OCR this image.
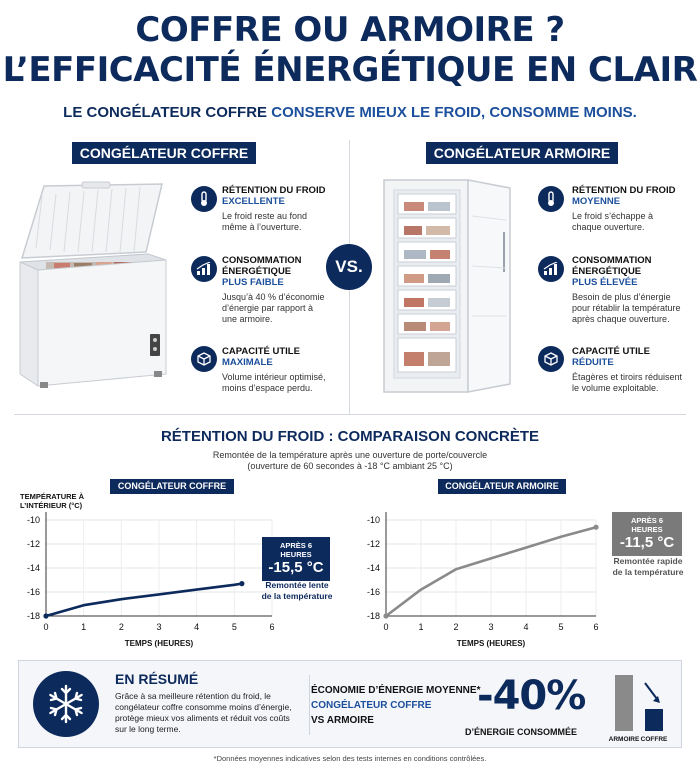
COFFRE OU ARMOIRE ?
L’EFFICACITÉ ÉNERGÉTIQUE EN CLAIR
LE CONGÉLATEUR COFFRE CONSERVE MIEUX LE FROID, CONSOMME MOINS.
CONGÉLATEUR COFFRE	CONGÉLATEUR ARMOIRE
VS.
RÉTENTION DU FROID
EXCELLENTE
Le froid reste au fond même à l’ouverture.
CONSOMMATION ÉNERGÉTIQUE
PLUS FAIBLE
Jusqu’à 40 % d’économie d’énergie par rapport à une armoire.
CAPACITÉ UTILE
MAXIMALE
Volume intérieur optimisé, moins d’espace perdu.
RÉTENTION DU FROID
MOYENNE
Le froid s’échappe à chaque ouverture.
CONSOMMATION ÉNERGÉTIQUE
PLUS ÉLEVÉE
Besoin de plus d’énergie pour rétablir la température après chaque ouverture.
CAPACITÉ UTILE
RÉDUITE
Étagères et tiroirs réduisent le volume exploitable.
RÉTENTION DU FROID : COMPARAISON CONCRÈTE
Remontée de la température après une ouverture de porte/couvercle
(ouverture de 60 secondes à -18 °C ambiant 25 °C)
TEMPÉRATURE À L’INTÉRIEUR (°C)
CONGÉLATEUR COFFRE	CONGÉLATEUR ARMOIRE
-10
-12
-14
-16
-18
0	1	2	3	4	5	6
TEMPS (HEURES)
-10
-12
-14
-16
-18
0	1	2	3	4	5	6
TEMPS (HEURES)
APRÈS 6 HEURES
-15,5 °C
Remontée lente de la température
APRÈS 6 HEURES
-11,5 °C
Remontée rapide de la température
EN RÉSUMÉ
Grâce à sa meilleure rétention du froid, le congélateur coffre consomme moins d’énergie, protège mieux vos aliments et réduit vos coûts sur le long terme.
ÉCONOMIE D’ÉNERGIE MOYENNE*
CONGÉLATEUR COFFRE
VS ARMOIRE
-40%
D’ÉNERGIE CONSOMMÉE
ARMOIRE COFFRE
*Données moyennes indicatives selon des tests internes en conditions contrôlées.
